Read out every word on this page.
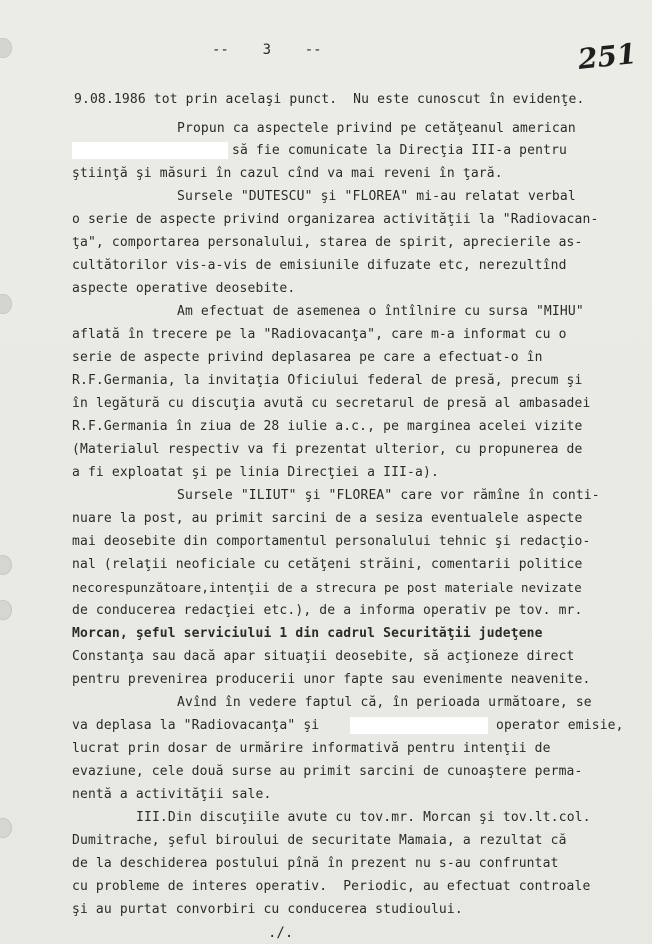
--    3    --	251
9.08.1986 tot prin acelaşi punct.  Nu este cunoscut în evidenţe.
Propun ca aspectele privind pe cetăţeanul american
să fie comunicate la Direcţia III-a pentru
ştiinţă şi măsuri în cazul cînd va mai reveni în ţară.
Sursele "DUTESCU" şi "FLOREA" mi-au relatat verbal
o serie de aspecte privind organizarea activităţii la "Radiovacan-
ţa", comportarea personalului, starea de spirit, aprecierile as-
cultătorilor vis-a-vis de emisiunile difuzate etc, nerezultînd
aspecte operative deosebite.
Am efectuat de asemenea o întîlnire cu sursa "MIHU"
aflată în trecere pe la "Radiovacanţa", care m-a informat cu o
serie de aspecte privind deplasarea pe care a efectuat-o în
R.F.Germania, la invitaţia Oficiului federal de presă, precum şi
în legătură cu discuţia avută cu secretarul de presă al ambasadei
R.F.Germania în ziua de 28 iulie a.c., pe marginea acelei vizite
(Materialul respectiv va fi prezentat ulterior, cu propunerea de
a fi exploatat şi pe linia Direcţiei a III-a).
Sursele "ILIUT" şi "FLOREA" care vor rămîne în conti-
nuare la post, au primit sarcini de a sesiza eventualele aspecte
mai deosebite din comportamentul personalului tehnic şi redacţio-
nal (relaţii neoficiale cu cetăţeni străini, comentarii politice
necorespunzătoare,intenţii de a strecura pe post materiale nevizate
de conducerea redacţiei etc.), de a informa operativ pe tov. mr.
Morcan, şeful serviciului 1 din cadrul Securităţii judeţene
Constanţa sau dacă apar situaţii deosebite, să acţioneze direct
pentru prevenirea producerii unor fapte sau evenimente neavenite.
Avînd în vedere faptul că, în perioada următoare, se
va deplasa la "Radiovacanţa" şi	operator emisie,
lucrat prin dosar de urmărire informativă pentru intenţii de
evaziune, cele două surse au primit sarcini de cunoaştere perma-
nentă a activităţii sale.
III.Din discuţiile avute cu tov.mr. Morcan şi tov.lt.col.
Dumitrache, şeful biroului de securitate Mamaia, a rezultat că
de la deschiderea postului pînă în prezent nu s-au confruntat
cu probleme de interes operativ.  Periodic, au efectuat controale
şi au purtat convorbiri cu conducerea studioului.
./.
